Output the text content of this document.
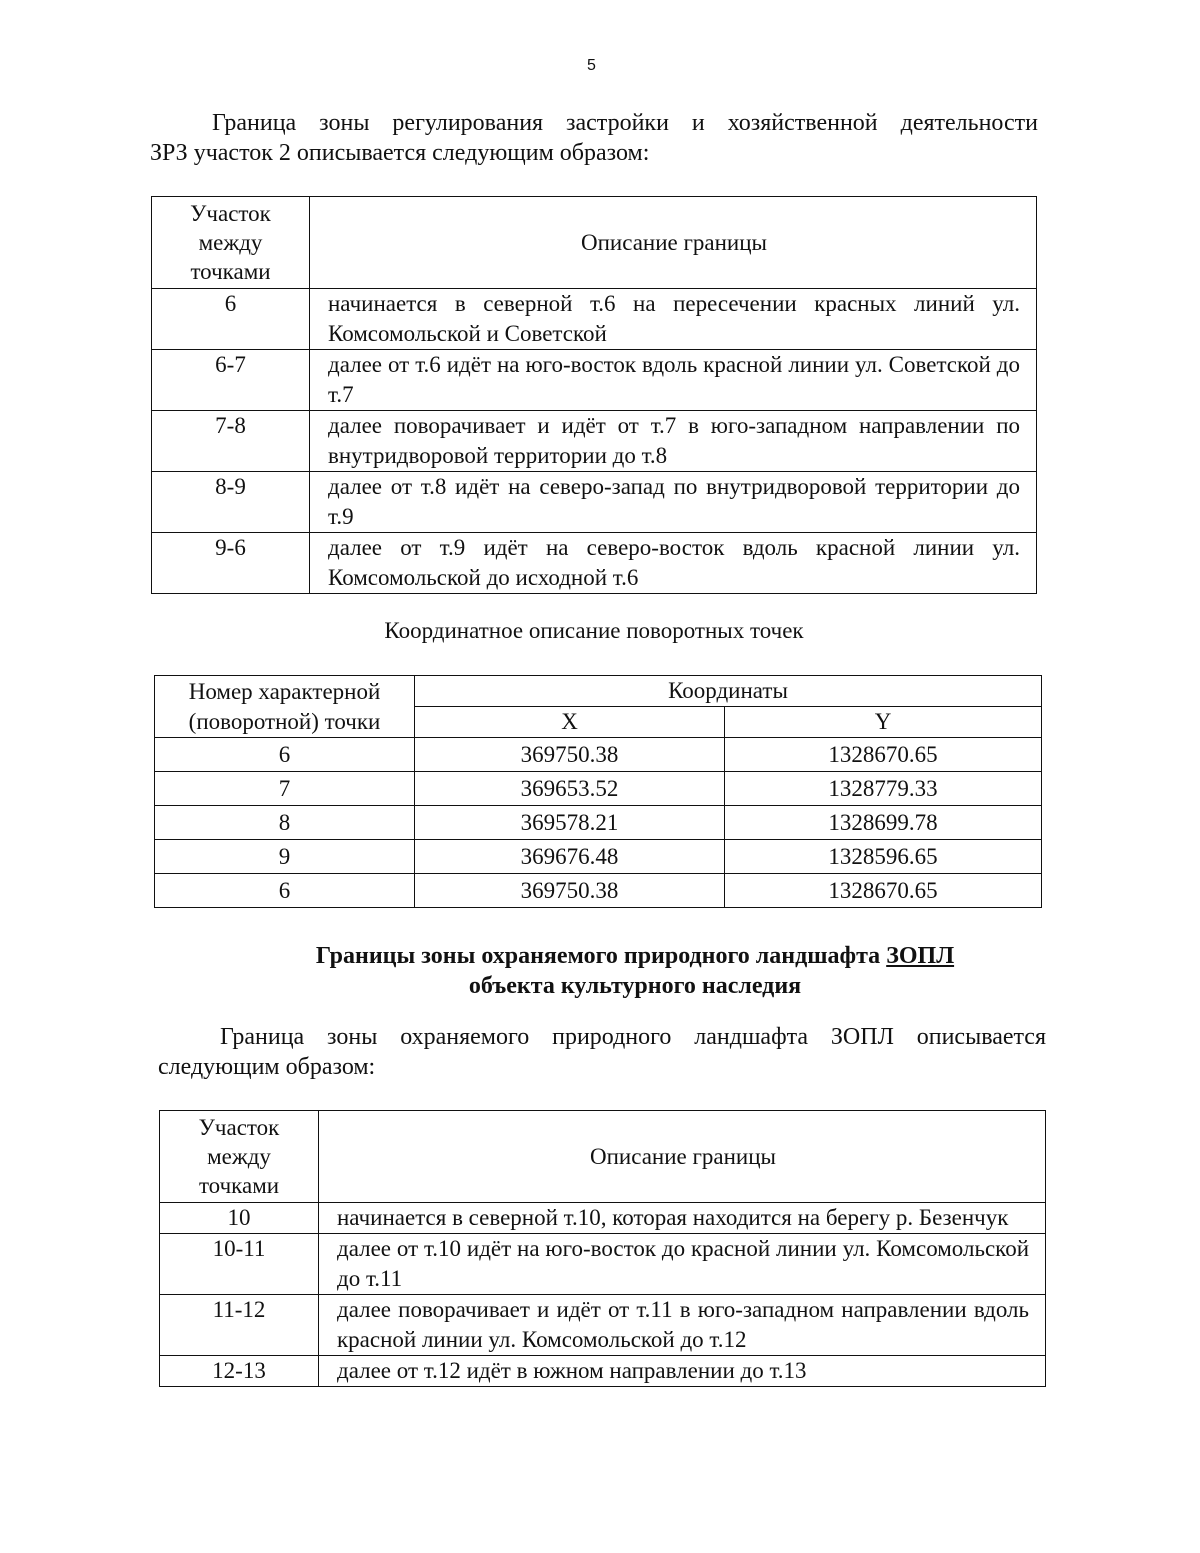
5

Граница зоны регулирования застройки и хозяйственной деятельности
ЗРЗ участок 2 описывается следующим образом:

Участок между точками	Описание границы
6	начинается в северной т.6 на пересечении красных линий ул. Комсомольской и Советской
6-7	далее от т.6 идёт на юго-восток вдоль красной линии ул. Советской до т.7
7-8	далее поворачивает и идёт от т.7 в юго-западном направлении по внутридворовой территории до т.8
8-9	далее от т.8 идёт на северо-запад по внутридворовой территории до т.9
9-6	далее от т.9 идёт на северо-восток вдоль красной линии ул. Комсомольской до исходной т.6

Координатное описание поворотных точек

Номер характерной
(поворотной) точки	Координаты	
	X	Y
6	369750.38	1328670.65
7	369653.52	1328779.33
8	369578.21	1328699.78
9	369676.48	1328596.65
6	369750.38	1328670.65

Границы зоны охраняемого природного ландшафта ЗОПЛ
объекта культурного наследия

Граница зоны охраняемого природного ландшафта ЗОПЛ описывается
следующим образом:

Участок между точками	Описание границы
10	начинается в северной т.10, которая находится на берегу р. Безенчук
10-11	далее от т.10 идёт на юго-восток до красной линии ул. Комсомольской до т.11
11-12	далее поворачивает и идёт от т.11 в юго-западном направлении вдоль красной линии ул. Комсомольской до т.12
12-13	далее от т.12 идёт в южном направлении до т.13
